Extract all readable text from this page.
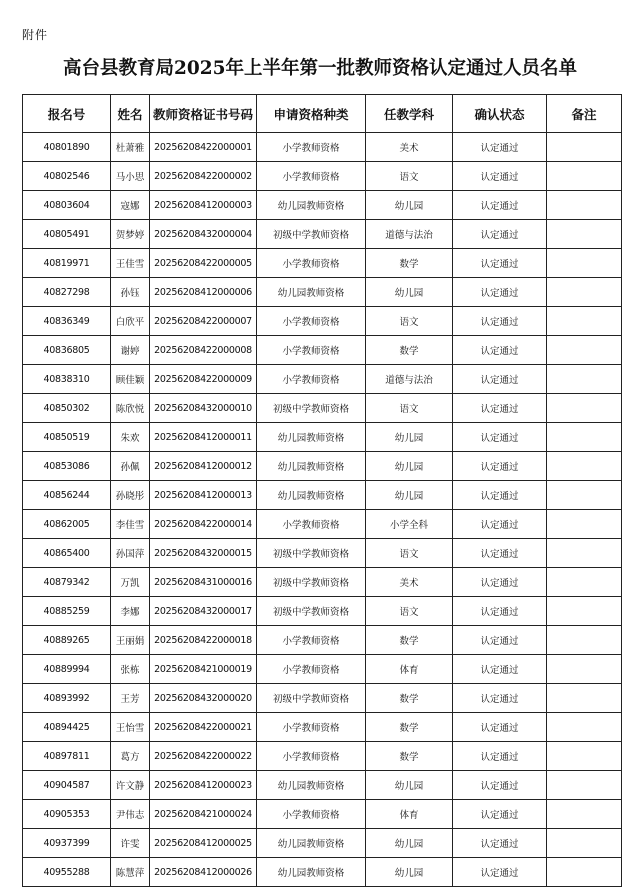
附件
高台县教育局2025年上半年第一批教师资格认定通过人员名单
报名号	姓名	教师资格证书号码	申请资格种类	任教学科	确认状态	备注
40801890	杜萧雅	20256208422000001	小学教师资格	美术	认定通过	
40802546	马小思	20256208422000002	小学教师资格	语文	认定通过	
40803604	寇娜	20256208412000003	幼儿园教师资格	幼儿园	认定通过	
40805491	贺梦婷	20256208432000004	初级中学教师资格	道德与法治	认定通过	
40819971	王佳雪	20256208422000005	小学教师资格	数学	认定通过	
40827298	孙钰	20256208412000006	幼儿园教师资格	幼儿园	认定通过	
40836349	白欣平	20256208422000007	小学教师资格	语文	认定通过	
40836805	谢婷	20256208422000008	小学教师资格	数学	认定通过	
40838310	顾佳颖	20256208422000009	小学教师资格	道德与法治	认定通过	
40850302	陈欣悦	20256208432000010	初级中学教师资格	语文	认定通过	
40850519	朱欢	20256208412000011	幼儿园教师资格	幼儿园	认定通过	
40853086	孙佩	20256208412000012	幼儿园教师资格	幼儿园	认定通过	
40856244	孙晓彤	20256208412000013	幼儿园教师资格	幼儿园	认定通过	
40862005	李佳雪	20256208422000014	小学教师资格	小学全科	认定通过	
40865400	孙国萍	20256208432000015	初级中学教师资格	语文	认定通过	
40879342	万凯	20256208431000016	初级中学教师资格	美术	认定通过	
40885259	李娜	20256208432000017	初级中学教师资格	语文	认定通过	
40889265	王丽娟	20256208422000018	小学教师资格	数学	认定通过	
40889994	张栋	20256208421000019	小学教师资格	体育	认定通过	
40893992	王芳	20256208432000020	初级中学教师资格	数学	认定通过	
40894425	王怡雪	20256208422000021	小学教师资格	数学	认定通过	
40897811	葛方	20256208422000022	小学教师资格	数学	认定通过	
40904587	许文静	20256208412000023	幼儿园教师资格	幼儿园	认定通过	
40905353	尹伟志	20256208421000024	小学教师资格	体育	认定通过	
40937399	许雯	20256208412000025	幼儿园教师资格	幼儿园	认定通过	
40955288	陈慧萍	20256208412000026	幼儿园教师资格	幼儿园	认定通过	
